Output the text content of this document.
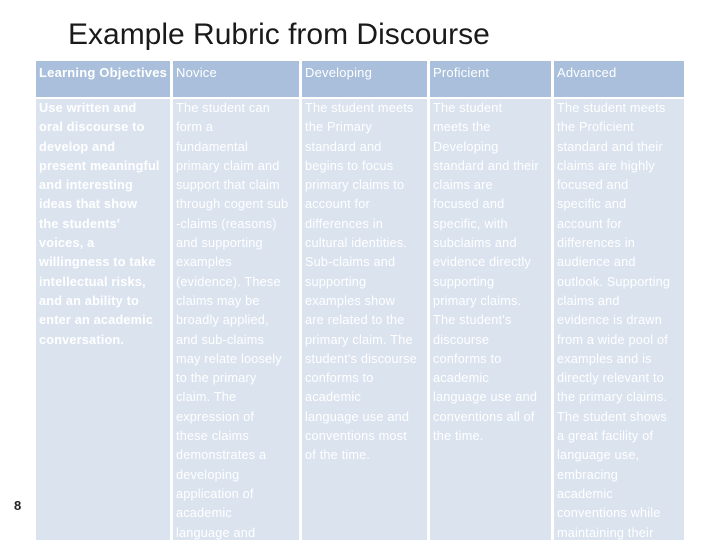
Example Rubric from Discourse
Learning Objectives
Use written and
oral discourse to
develop and
present meaningful
and interesting
ideas that show
the students'
voices, a
willingness to take
intellectual risks,
and an ability to
enter an academic
conversation.
Novice
The student can
form a
fundamental
primary claim and
support that claim
through cogent sub
-claims (reasons)
and supporting
examples
(evidence). These
claims may be
broadly applied,
and sub-claims
may relate loosely
to the primary
claim. The
expression of
these claims
demonstrates a
developing
application of
academic
language and
Developing
The student meets
the Primary
standard and
begins to focus
primary claims to
account for
differences in
cultural identities.
Sub-claims and
supporting
examples show
are related to the
primary claim. The
student's discourse
conforms to
academic
language use and
conventions most
of the time.
Proficient
The student
meets the
Developing
standard and their
claims are
focused and
specific, with
subclaims and
evidence directly
supporting
primary claims.
The student's
discourse
conforms to
academic
language use and
conventions all of
the time.
Advanced
The student meets
the Proficient
standard and their
claims are highly
focused and
specific and
account for
differences in
audience and
outlook. Supporting
claims and
evidence is drawn
from a wide pool of
examples and is
directly relevant to
the primary claims.
The student shows
a great facility of
language use,
embracing
academic
conventions while
maintaining their
8
